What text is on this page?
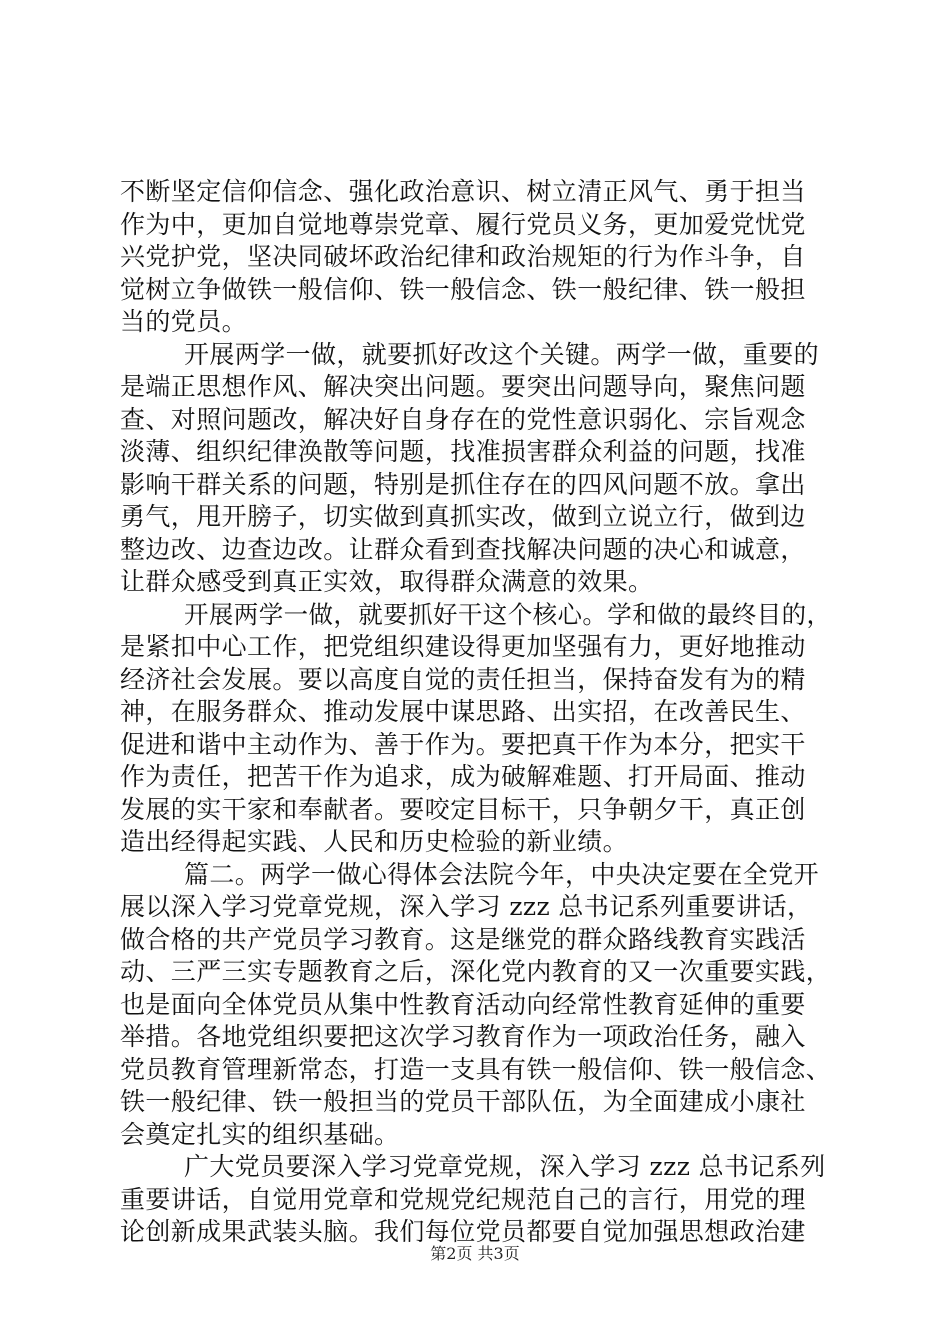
不断坚定信仰信念、强化政治意识、树立清正风气、勇于担当
作为中，更加自觉地尊崇党章、履行党员义务，更加爱党忧党
兴党护党，坚决同破坏政治纪律和政治规矩的行为作斗争，自
觉树立争做铁一般信仰、铁一般信念、铁一般纪律、铁一般担
当的党员。
开展两学一做，就要抓好改这个关键。两学一做，重要的
是端正思想作风、解决突出问题。要突出问题导向，聚焦问题
查、对照问题改，解决好自身存在的党性意识弱化、宗旨观念
淡薄、组织纪律涣散等问题，找准损害群众利益的问题，找准
影响干群关系的问题，特别是抓住存在的四风问题不放。拿出
勇气，甩开膀子，切实做到真抓实改，做到立说立行，做到边
整边改、边查边改。让群众看到查找解决问题的决心和诚意，
让群众感受到真正实效，取得群众满意的效果。
开展两学一做，就要抓好干这个核心。学和做的最终目的，
是紧扣中心工作，把党组织建设得更加坚强有力，更好地推动
经济社会发展。要以高度自觉的责任担当，保持奋发有为的精
神，在服务群众、推动发展中谋思路、出实招，在改善民生、
促进和谐中主动作为、善于作为。要把真干作为本分，把实干
作为责任，把苦干作为追求，成为破解难题、打开局面、推动
发展的实干家和奉献者。要咬定目标干，只争朝夕干，真正创
造出经得起实践、人民和历史检验的新业绩。
篇二。两学一做心得体会法院今年，中央决定要在全党开
展以深入学习党章党规，深入学习 zzz 总书记系列重要讲话，
做合格的共产党员学习教育。这是继党的群众路线教育实践活
动、三严三实专题教育之后，深化党内教育的又一次重要实践，
也是面向全体党员从集中性教育活动向经常性教育延伸的重要
举措。各地党组织要把这次学习教育作为一项政治任务，融入
党员教育管理新常态，打造一支具有铁一般信仰、铁一般信念、
铁一般纪律、铁一般担当的党员干部队伍，为全面建成小康社
会奠定扎实的组织基础。
广大党员要深入学习党章党规，深入学习 zzz 总书记系列
重要讲话，自觉用党章和党规党纪规范自己的言行，用党的理
论创新成果武装头脑。我们每位党员都要自觉加强思想政治建
第2页 共3页
